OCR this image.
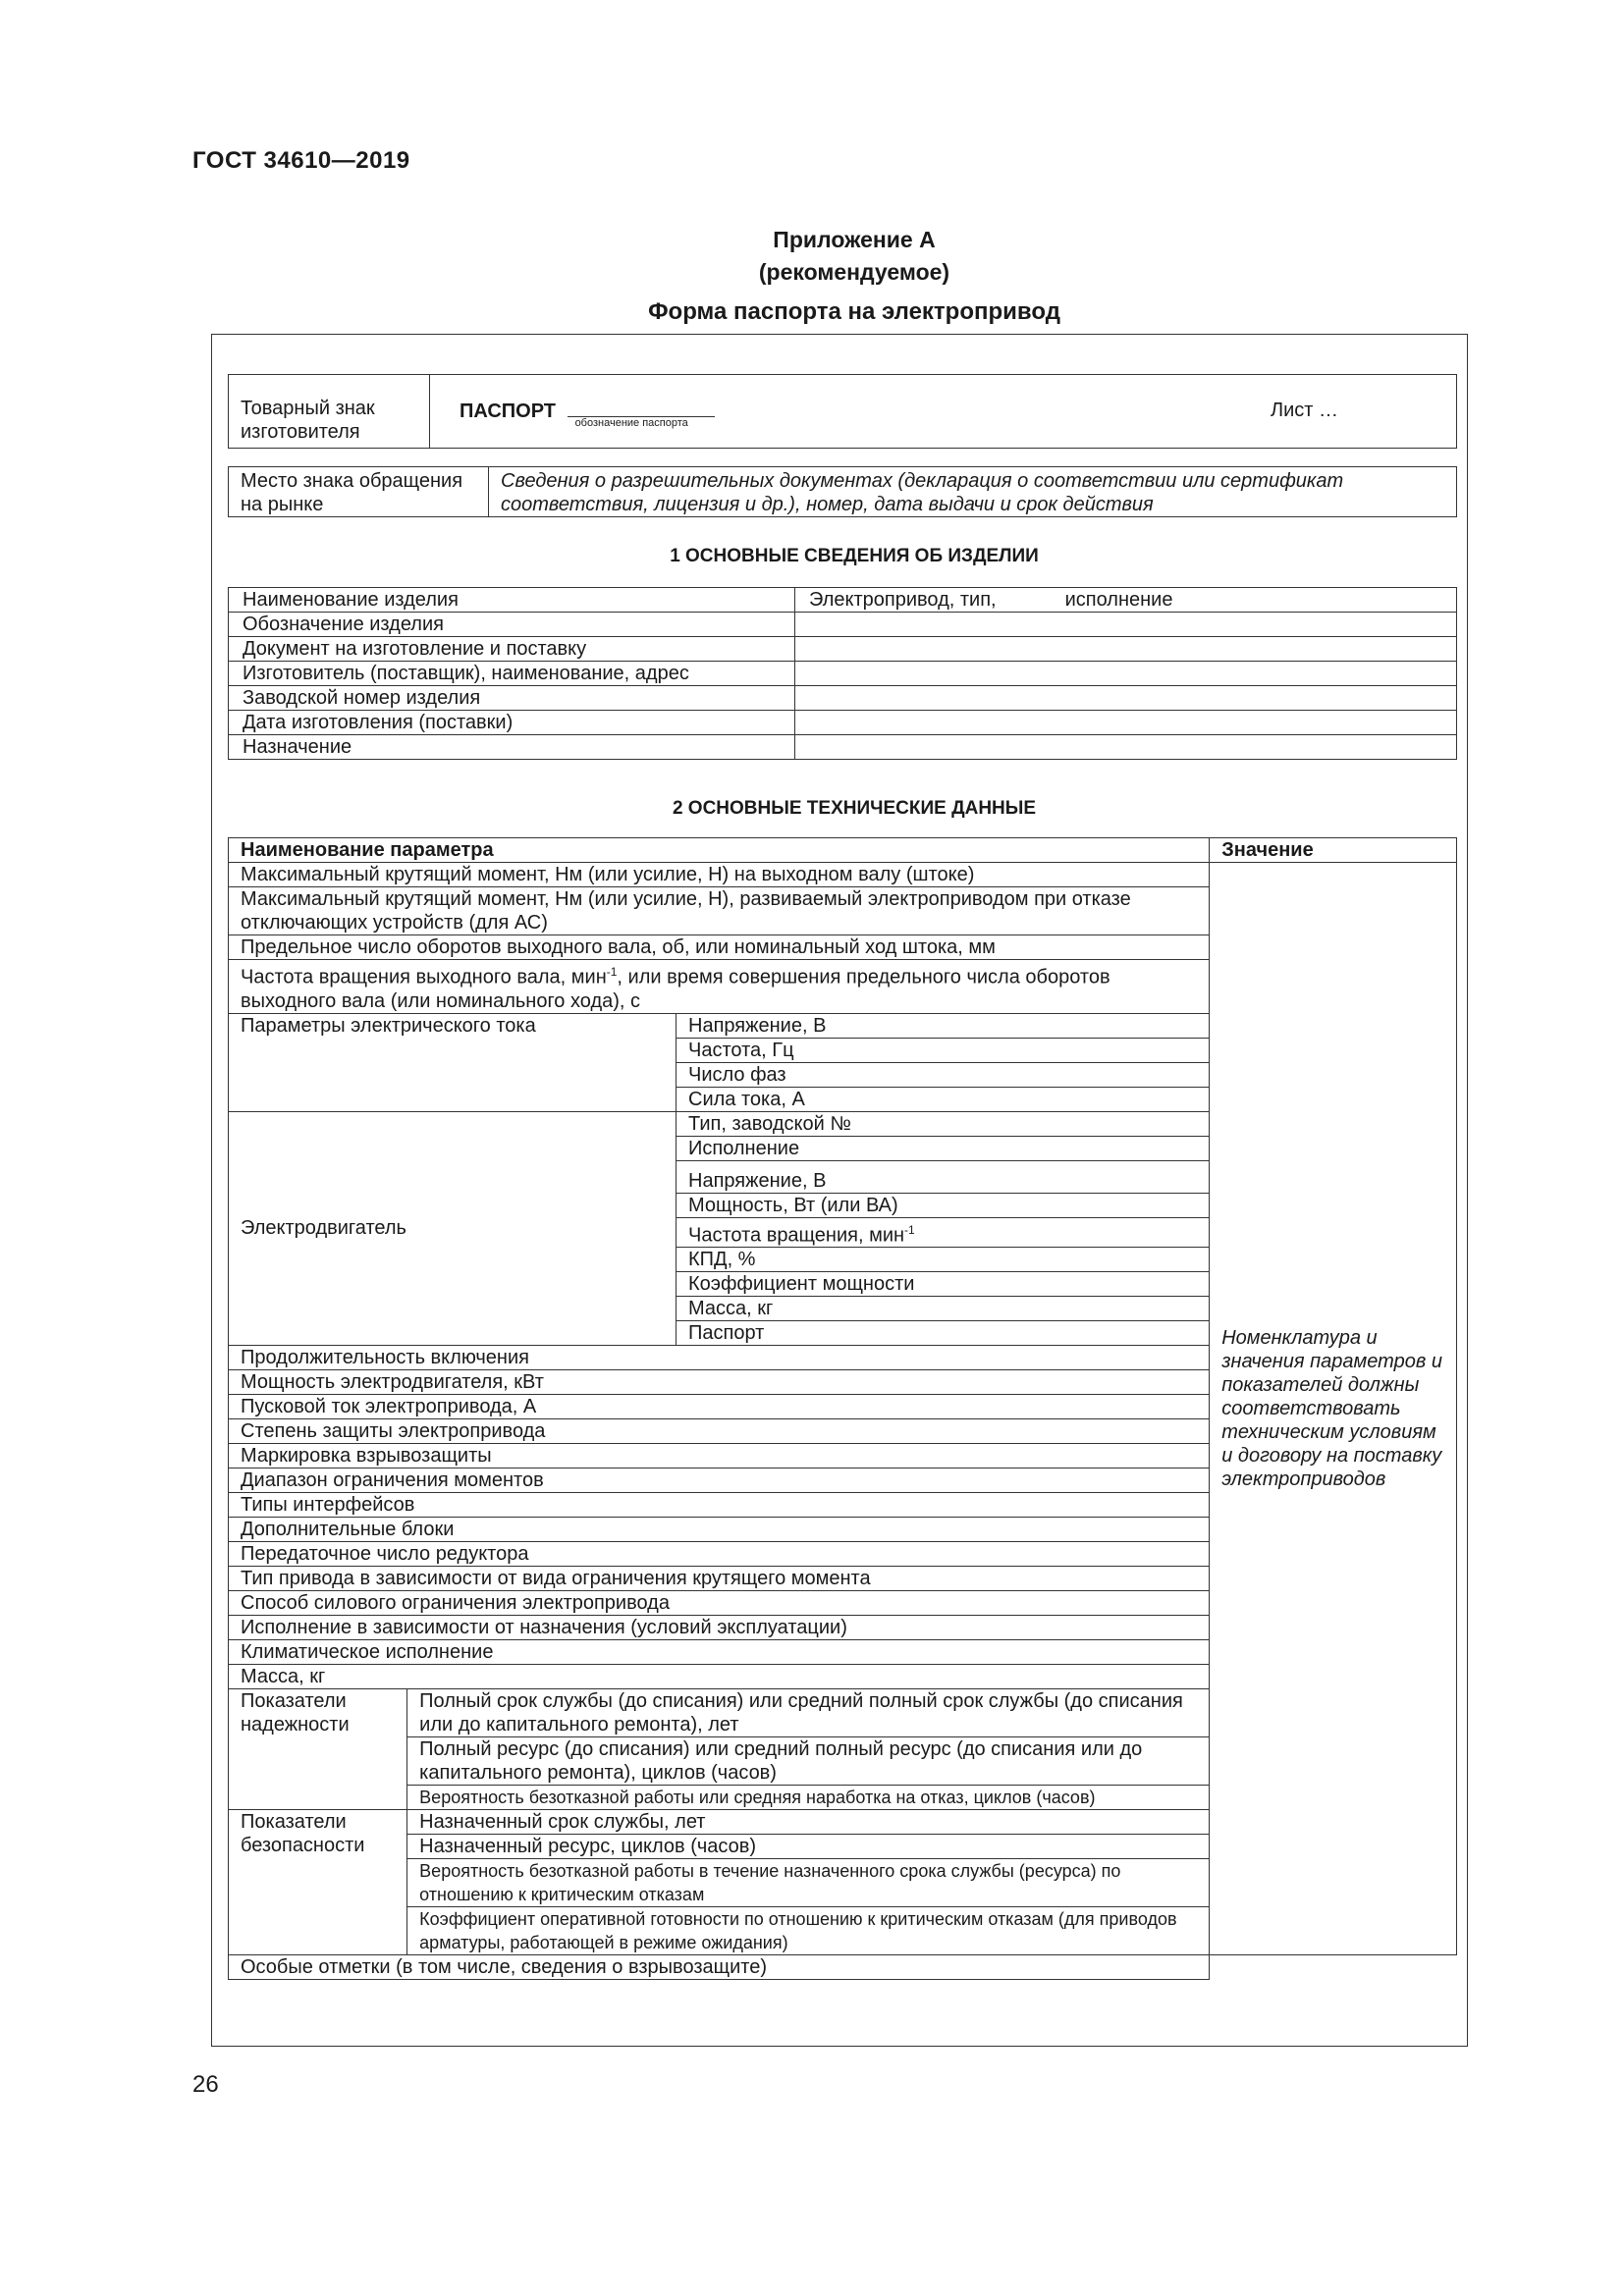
ГОСТ 34610—2019
Приложение А
(рекомендуемое)
Форма паспорта на электропривод
Товарный знак изготовителя	ПАСПОРТ
обозначение паспорта
Лист …
Место знака обращения на рынке	Сведения о разрешительных документах (декларация о соответствии или сертификат соответствия, лицензия и др.), номер, дата выдачи и срок действия
1 ОСНОВНЫЕ СВЕДЕНИЯ ОБ ИЗДЕЛИИ
Наименование изделия	Электропривод, тип, исполнение
Обозначение изделия	
Документ на изготовление и поставку	
Изготовитель (поставщик), наименование, адрес	
Заводской номер изделия	
Дата изготовления (поставки)	
Назначение	
2 ОСНОВНЫЕ ТЕХНИЧЕСКИЕ ДАННЫЕ
Наименование параметра			Значение
Максимальный крутящий момент, Нм (или усилие, Н) на выходном валу (штоке)			Номенклатура и значения параметров и показателей должны соответствовать техническим условиям и договору на поставку электроприводов
Максимальный крутящий момент, Нм (или усилие, Н), развиваемый электроприводом при отказе отключающих устройств (для АС)			
Предельное число оборотов выходного вала, об, или номинальный ход штока, мм			
Частота вращения выходного вала, мин$^{-1}$, или время совершения предельного числа оборотов выходного вала (или номинального хода), с			
Параметры электрического тока		Напряжение, В	
		Частота, Гц	
		Число фаз	
		Сила тока, А	
Электродвигатель		Тип, заводской №	
		Исполнение	
		Напряжение, В	
		Мощность, Вт (или ВА)	
		Частота вращения, мин$^{-1}$
		КПД, %	
		Коэффициент мощности	
		Масса, кг	
		Паспорт	
Продолжительность включения			
Мощность электродвигателя, кВт			
Пусковой ток электропривода, А			
Степень защиты электропривода			
Маркировка взрывозащиты			
Диапазон ограничения моментов			
Типы интерфейсов			
Дополнительные блоки			
Передаточное число редуктора			
Тип привода в зависимости от вида ограничения крутящего момента			
Способ силового ограничения электропривода			
Исполнение в зависимости от назначения (условий эксплуатации)			
Климатическое исполнение			
Масса, кг			
Показатели надежности	Полный срок службы (до списания) или средний полный срок службы (до списания или до капитального ремонта), лет		
	Полный ресурс (до списания) или средний полный ресурс (до списания или до капитального ремонта), циклов (часов)		
	Вероятность безотказной работы или средняя наработка на отказ, циклов (часов)		
Показатели безопасности	Назначенный срок службы, лет		
	Назначенный ресурс, циклов (часов)		
	Вероятность безотказной работы в течение назначенного срока службы (ресурса) по отношению к критическим отказам		
	Коэффициент оперативной готовности по отношению к критическим отказам (для приводов арматуры, работающей в режиме ожидания)		
Особые отметки (в том числе, сведения о взрывозащите)			
26
